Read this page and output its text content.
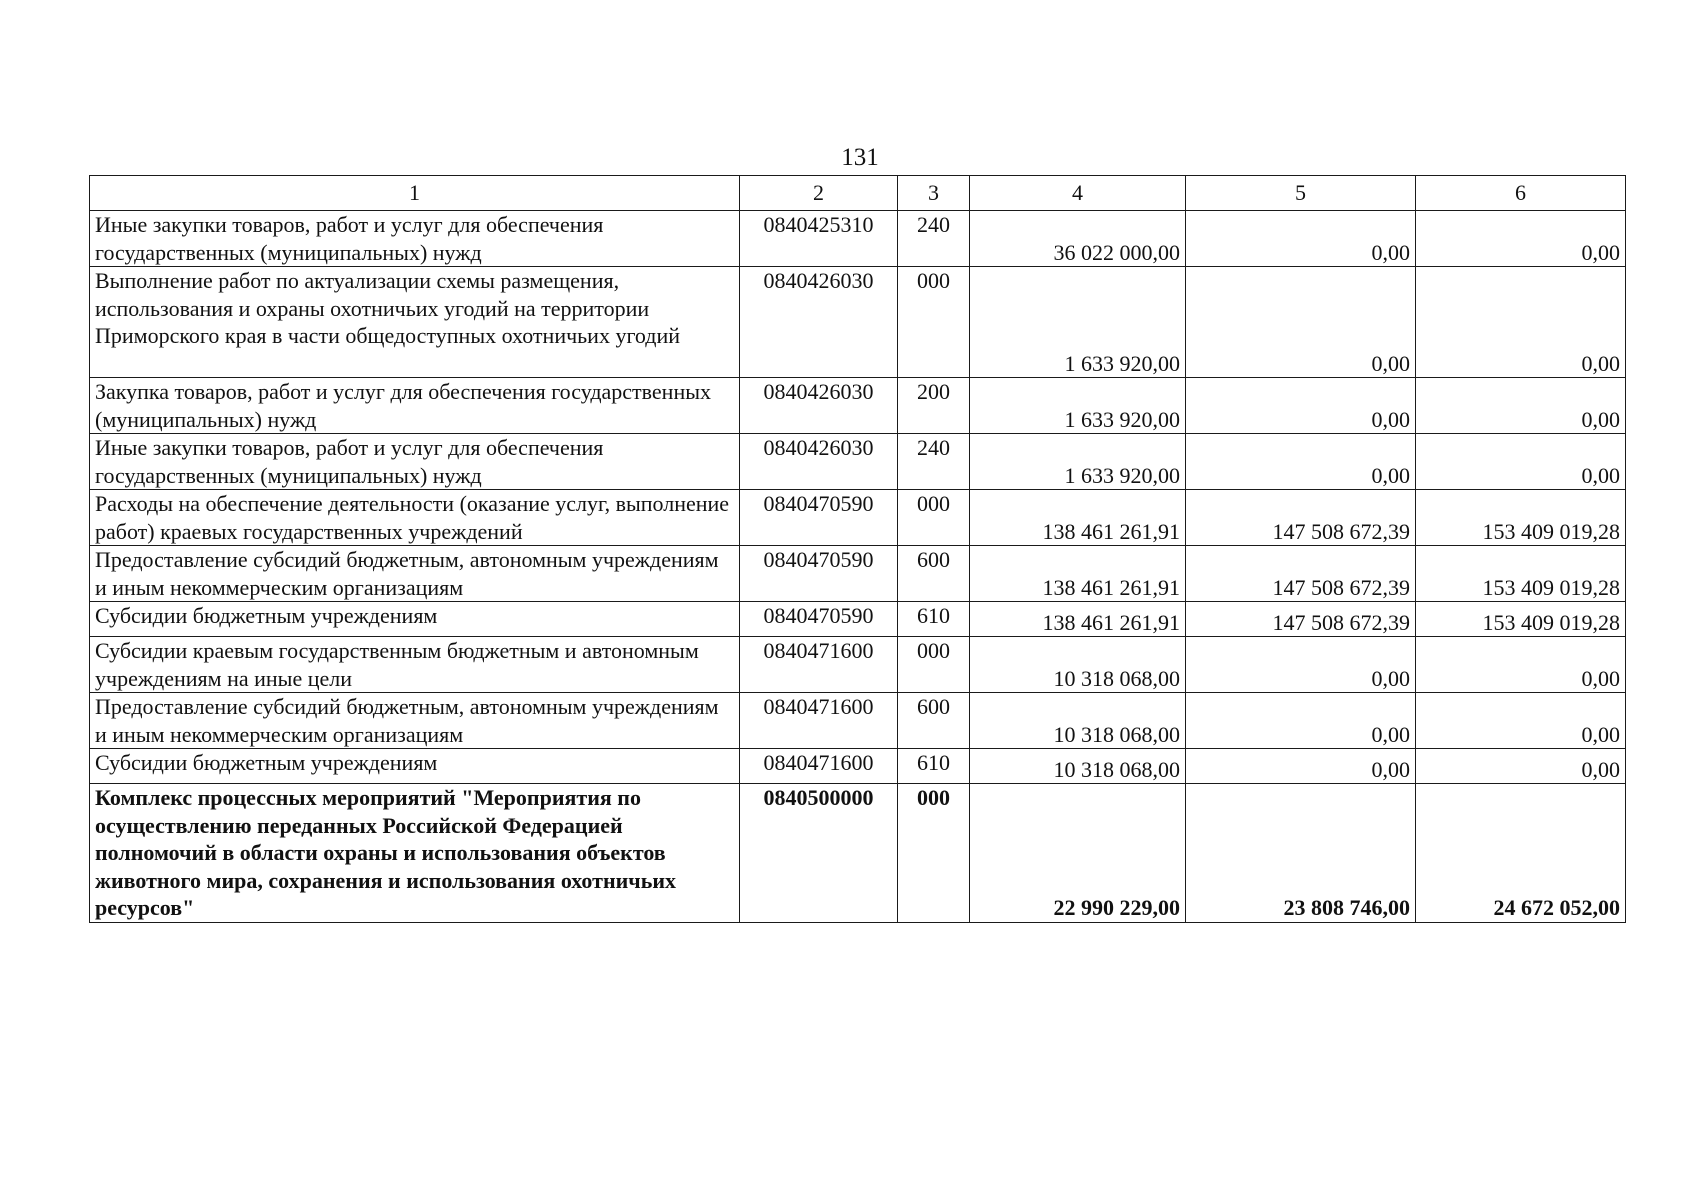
131
1	2	3	4	5	6
Иные закупки товаров, работ и услуг для обеспечения государственных (муниципальных) нужд	0840425310	240	36 022 000,00	0,00	0,00
Выполнение работ по актуализации схемы размещения, использования и охраны охотничьих угодий на территории Приморского края в части общедоступных охотничьих угодий	0840426030	000	1 633 920,00	0,00	0,00
Закупка товаров, работ и услуг для обеспечения государственных (муниципальных) нужд	0840426030	200	1 633 920,00	0,00	0,00
Иные закупки товаров, работ и услуг для обеспечения государственных (муниципальных) нужд	0840426030	240	1 633 920,00	0,00	0,00
Расходы на обеспечение деятельности (оказание услуг, выполнение работ) краевых государственных учреждений	0840470590	000	138 461 261,91	147 508 672,39	153 409 019,28
Предоставление субсидий бюджетным, автономным учреждениям и иным некоммерческим организациям	0840470590	600	138 461 261,91	147 508 672,39	153 409 019,28
Субсидии бюджетным учреждениям	0840470590	610	138 461 261,91	147 508 672,39	153 409 019,28
Субсидии краевым государственным бюджетным и автономным учреждениям на иные цели	0840471600	000	10 318 068,00	0,00	0,00
Предоставление субсидий бюджетным, автономным учреждениям и иным некоммерческим организациям	0840471600	600	10 318 068,00	0,00	0,00
Субсидии бюджетным учреждениям	0840471600	610	10 318 068,00	0,00	0,00
Комплекс процессных мероприятий "Мероприятия по осуществлению переданных Российской Федерацией полномочий в области охраны и использования объектов животного мира, сохранения и использования охотничьих ресурсов"	0840500000	000	22 990 229,00	23 808 746,00	24 672 052,00
